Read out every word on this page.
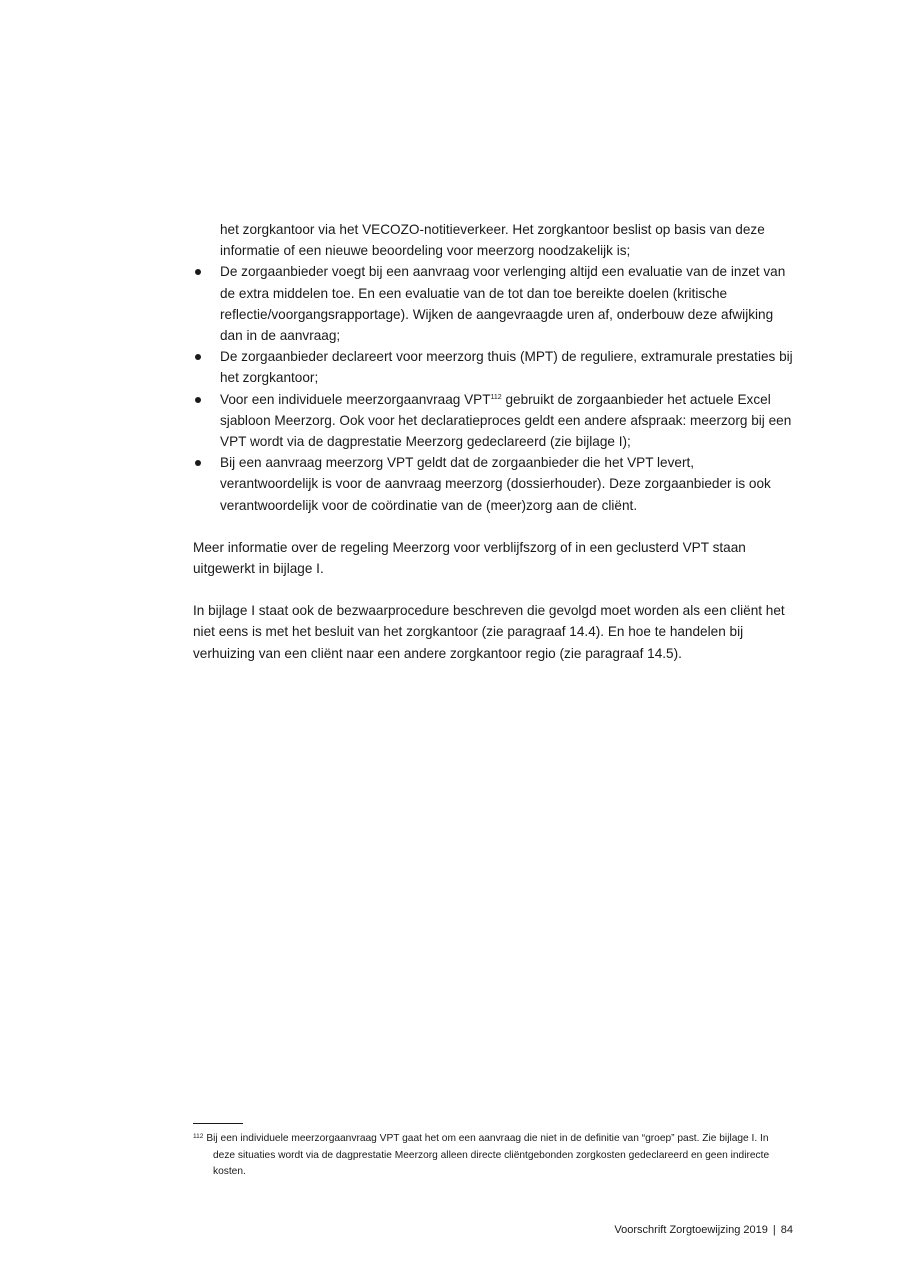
het zorgkantoor via het VECOZO-notitieverkeer. Het zorgkantoor beslist op basis van deze informatie of een nieuwe beoordeling voor meerzorg noodzakelijk is;
De zorgaanbieder voegt bij een aanvraag voor verlenging altijd een evaluatie van de inzet van de extra middelen toe. En een evaluatie van de tot dan toe bereikte doelen (kritische reflectie/voorgangsrapportage). Wijken de aangevraagde uren af, onderbouw deze afwijking dan in de aanvraag;
De zorgaanbieder declareert voor meerzorg thuis (MPT) de reguliere, extramurale prestaties bij het zorgkantoor;
Voor een individuele meerzorgaanvraag VPT$^{112}$ gebruikt de zorgaanbieder het actuele Excel sjabloon Meerzorg. Ook voor het declaratieproces geldt een andere afspraak: meerzorg bij een VPT wordt via de dagprestatie Meerzorg gedeclareerd (zie bijlage I);
Bij een aanvraag meerzorg VPT geldt dat de zorgaanbieder die het VPT levert, verantwoordelijk is voor de aanvraag meerzorg (dossierhouder). Deze zorgaanbieder is ook verantwoordelijk voor de coördinatie van de (meer)zorg aan de cliënt.

Meer informatie over de regeling Meerzorg voor verblijfszorg of in een geclusterd VPT staan uitgewerkt in bijlage I.

In bijlage I staat ook de bezwaarprocedure beschreven die gevolgd moet worden als een cliënt het niet eens is met het besluit van het zorgkantoor (zie paragraaf 14.4). En hoe te handelen bij verhuizing van een cliënt naar een andere zorgkantoor regio (zie paragraaf 14.5).

$^{112}$ Bij een individuele meerzorgaanvraag VPT gaat het om een aanvraag die niet in de definitie van “groep” past. Zie bijlage I. In deze situaties wordt via de dagprestatie Meerzorg alleen directe cliëntgebonden zorgkosten gedeclareerd en geen indirecte kosten.
Voorschrift Zorgtoewijzing 2019 | 84
